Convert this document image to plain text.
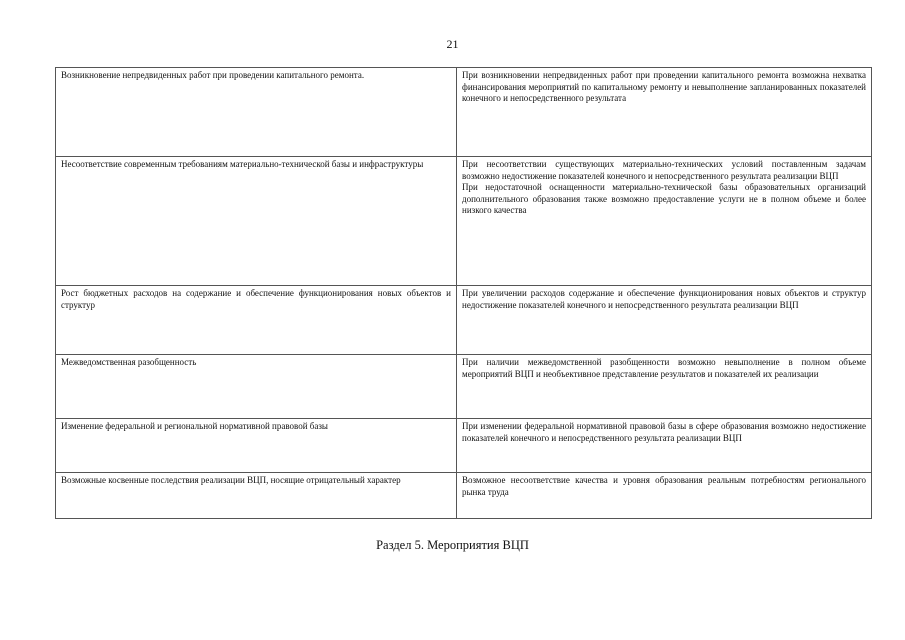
21
Возникновение непредвиденных работ при проведении капитального ремонта.	При возникновении непредвиденных работ при проведении капитального ремонта возможна нехватка финансирования мероприятий по капитальному ремонту и невыполнение запланированных показателей конечного и непосредственного результата

Несоответствие современным требованиям материально-технической базы и инфраструктуры	При несоответствии существующих материально-технических условий поставленным задачам возможно недостижение показателей конечного и непосредственного результата реализации ВЦП

При недостаточной оснащенности материально-технической базы образовательных организаций дополнительного образования также возможно предоставление услуги не в полном объеме и более низкого качества

Рост бюджетных расходов на содержание и обеспечение функционирования новых объектов и структур	При увеличении расходов содержание и обеспечение функционирования новых объектов и структур недостижение показателей конечного и непосредственного результата реализации ВЦП

Межведомственная разобщенность	При наличии межведомственной разобщенности возможно невыполнение в полном объеме мероприятий ВЦП и необъективное представление результатов и показателей их реализации

Изменение федеральной и региональной нормативной правовой базы	При изменении федеральной нормативной правовой базы в сфере образования возможно недостижение показателей конечного и непосредственного результата реализации ВЦП

Возможные косвенные последствия реализации ВЦП, носящие отрицательный характер	Возможное несоответствие качества и уровня образования реальным потребностям регионального рынка труда

Раздел 5. Мероприятия ВЦП
